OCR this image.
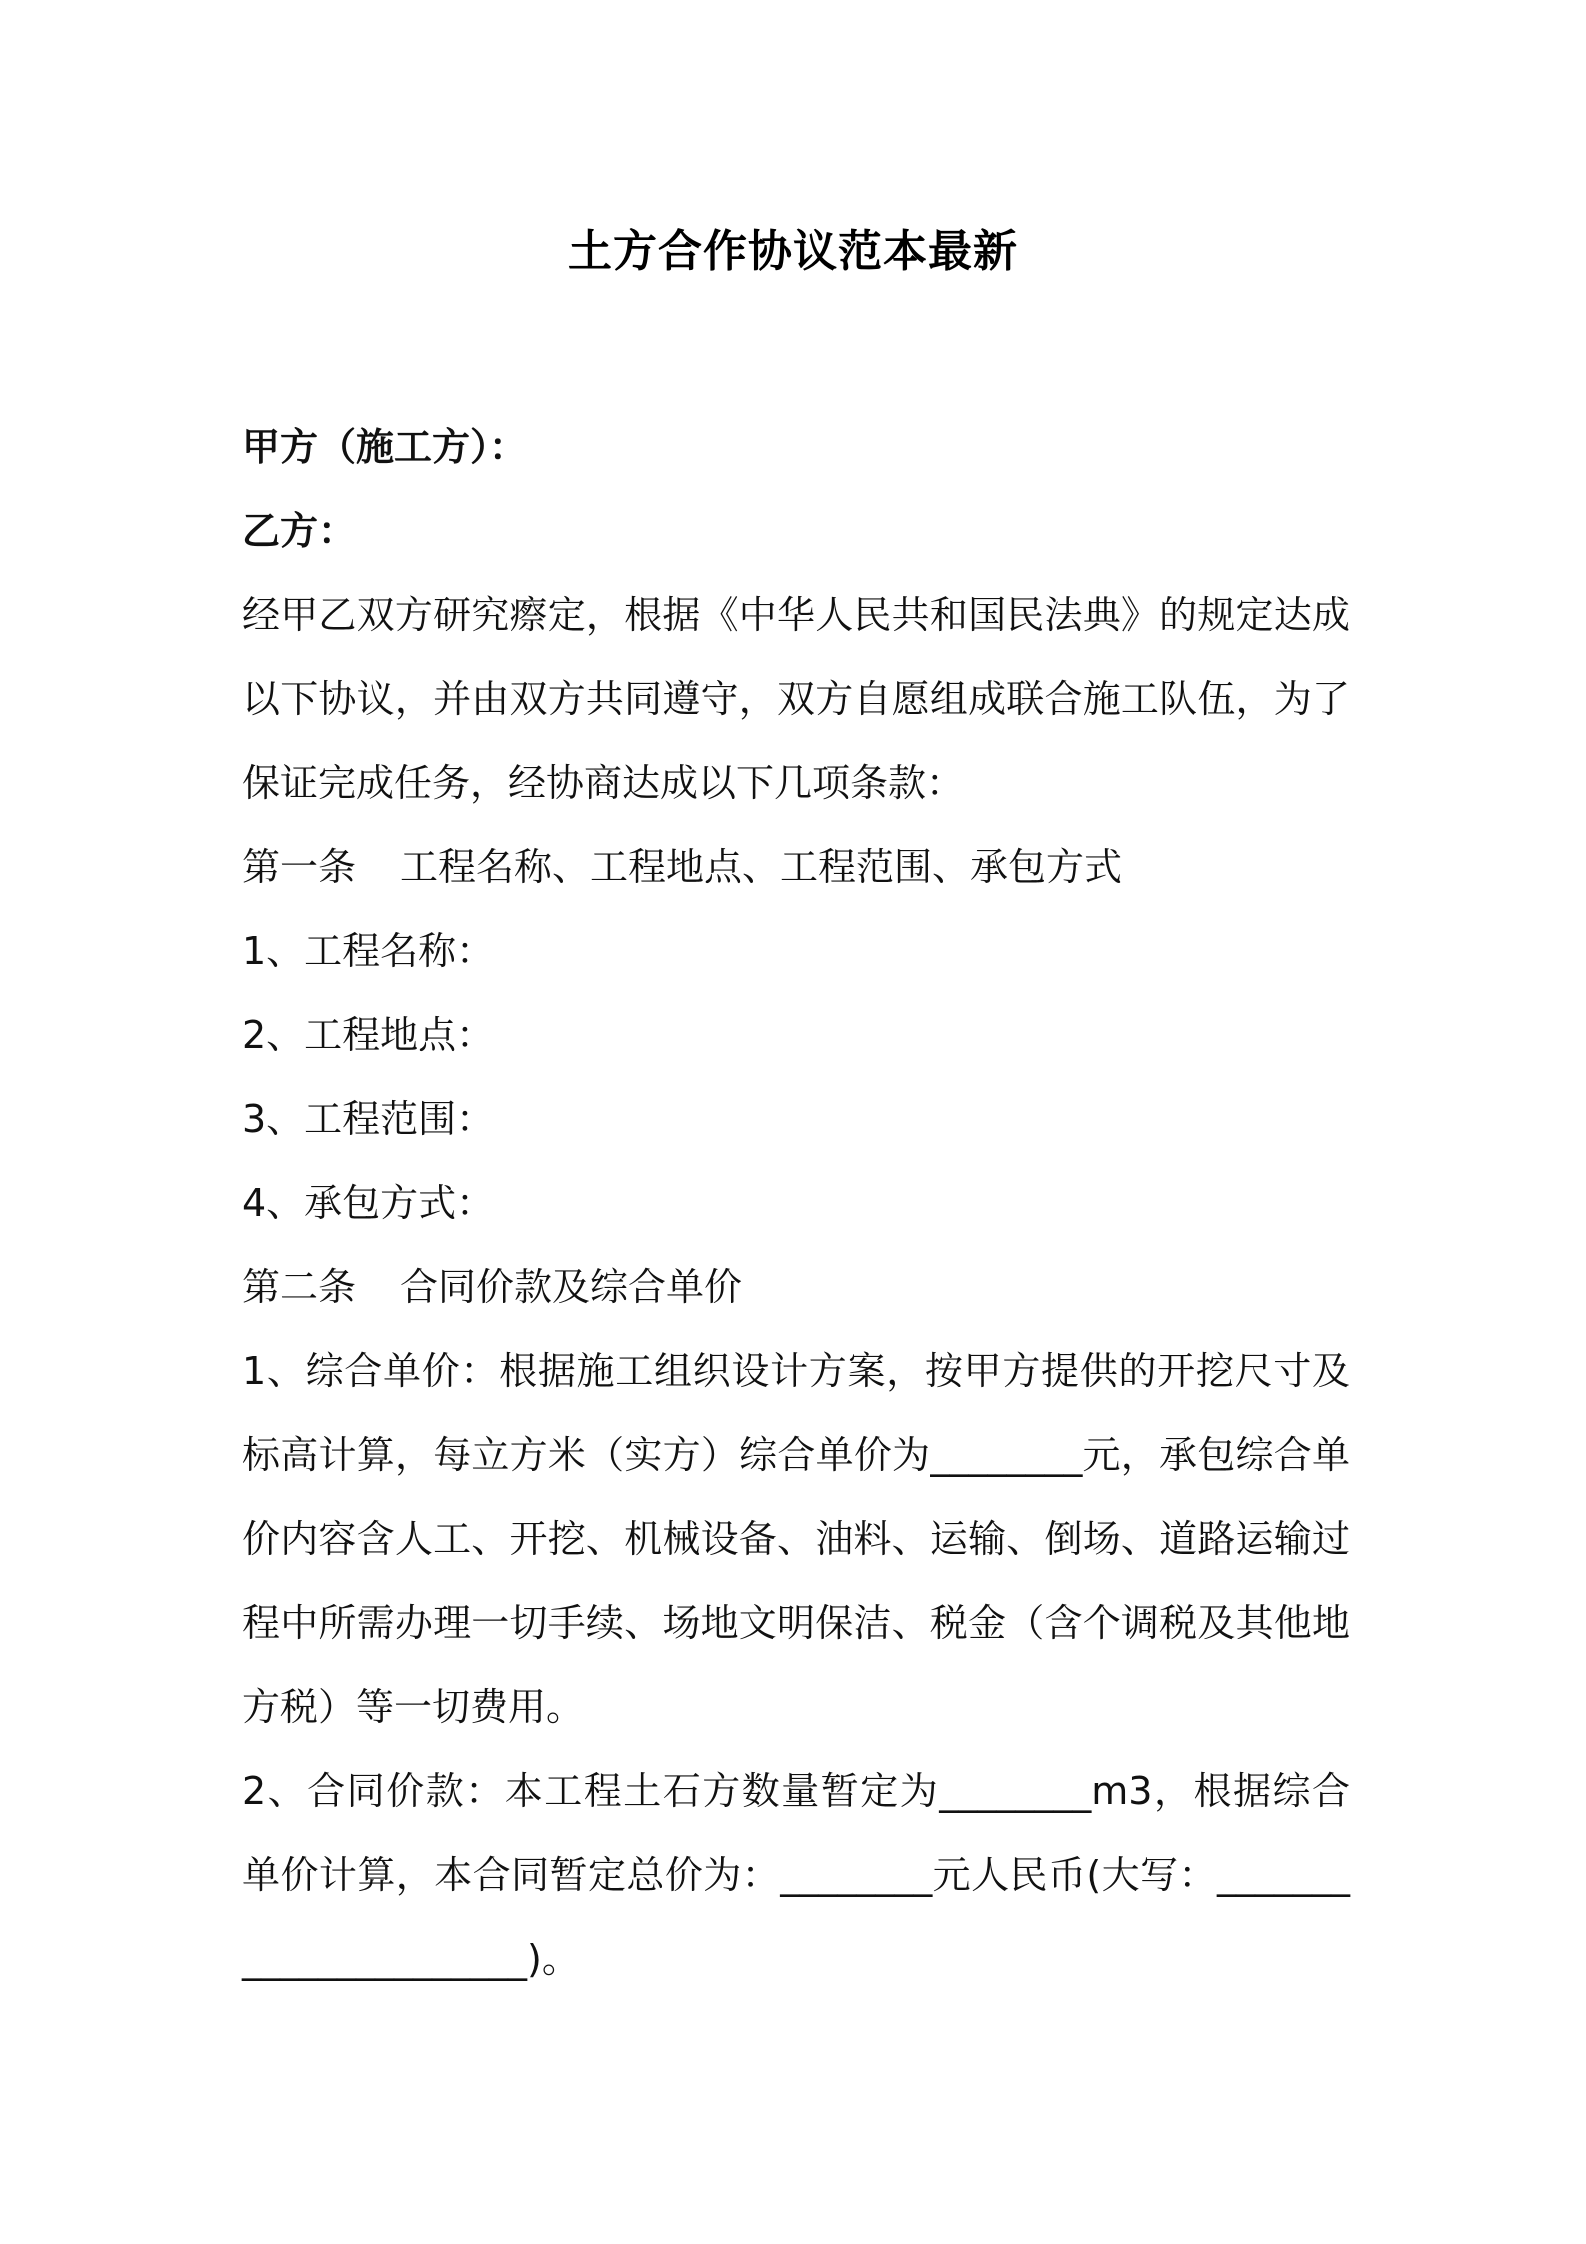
土方合作协议范本最新

甲方（施工方）：

乙方：

经甲乙双方研究瘵定，根据《中华人民共和国民法典》的规定达成以下协议，并由双方共同遵守，双方自愿组成联合施工队伍，为了保证完成任务，经协商达成以下几项条款：

第一条 工程名称、工程地点、工程范围、承包方式

1、工程名称：

2、工程地点：

3、工程范围：

4、承包方式：

第二条 合同价款及综合单价

1、综合单价：根据施工组织设计方案，按甲方提供的开挖尺寸及标高计算，每立方米（实方）综合单价为________元，承包综合单价内容含人工、开挖、机械设备、油料、运输、倒场、道路运输过程中所需办理一切手续、场地文明保洁、税金（含个调税及其他地方税）等一切费用。

2、合同价款：本工程土石方数量暂定为________m3，根据综合单价计算，本合同暂定总价为：________元人民币(大写：______________________)。
